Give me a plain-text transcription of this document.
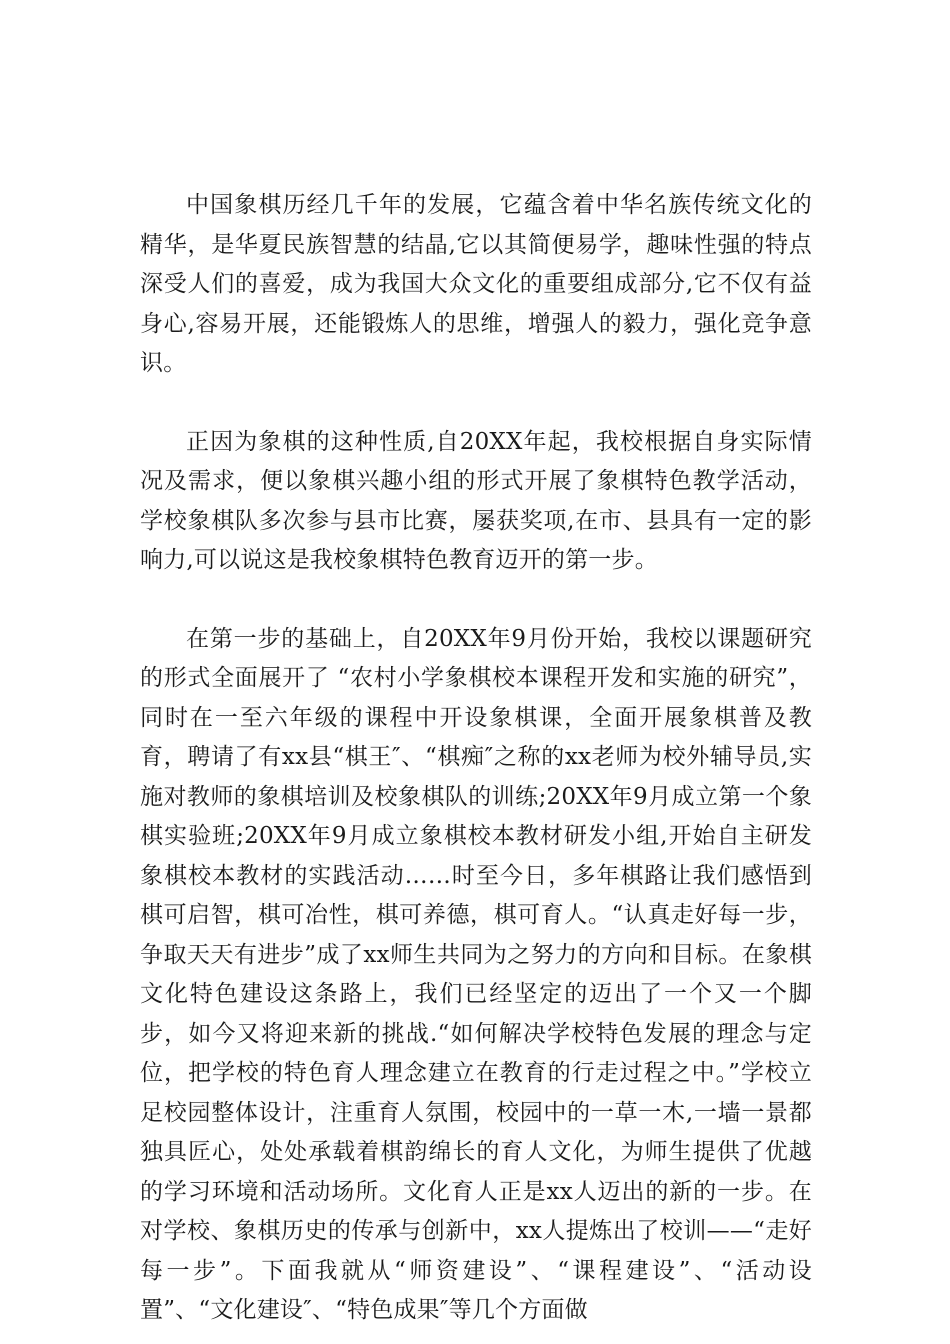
中国象棋历经几千年的发展，它蕴含着中华名族传统文化的精华，是华夏民族智慧的结晶,它以其简便易学，趣味性强的特点深受人们的喜爱，成为我国大众文化的重要组成部分,它不仅有益身心,容易开展，还能锻炼人的思维，增强人的毅力，强化竞争意识。

正因为象棋的这种性质,自20XX年起，我校根据自身实际情况及需求，便以象棋兴趣小组的形式开展了象棋特色教学活动，学校象棋队多次参与县市比赛，屡获奖项,在市、县具有一定的影响力,可以说这是我校象棋特色教育迈开的第一步。

在第一步的基础上，自20XX年9月份开始，我校以课题研究的形式全面展开了 “农村小学象棋校本课程开发和实施的研究”，同时在一至六年级的课程中开设象棋课，全面开展象棋普及教育，聘请了有xx县“棋王″、“棋痴″之称的xx老师为校外辅导员,实施对教师的象棋培训及校象棋队的训练;20XX年9月成立第一个象棋实验班;20XX年9月成立象棋校本教材研发小组,开始自主研发象棋校本教材的实践活动……时至今日，多年棋路让我们感悟到棋可启智，棋可冶性，棋可养德，棋可育人。“认真走好每一步，争取天天有进步”成了xx师生共同为之努力的方向和目标。在象棋文化特色建设这条路上，我们已经坚定的迈出了一个又一个脚步，如今又将迎来新的挑战.“如何解决学校特色发展的理念与定位，把学校的特色育人理念建立在教育的行走过程之中。”学校立足校园整体设计，注重育人氛围，校园中的一草一木,一墙一景都独具匠心，处处承载着棋韵绵长的育人文化，为师生提供了优越的学习环境和活动场所。文化育人正是xx人迈出的新的一步。在对学校、象棋历史的传承与创新中，xx人提炼出了校训——“走好每一步”。下面我就从“师资建设”、“课程建设”、“活动设置”、“文化建设″、“特色成果″等几个方面做
